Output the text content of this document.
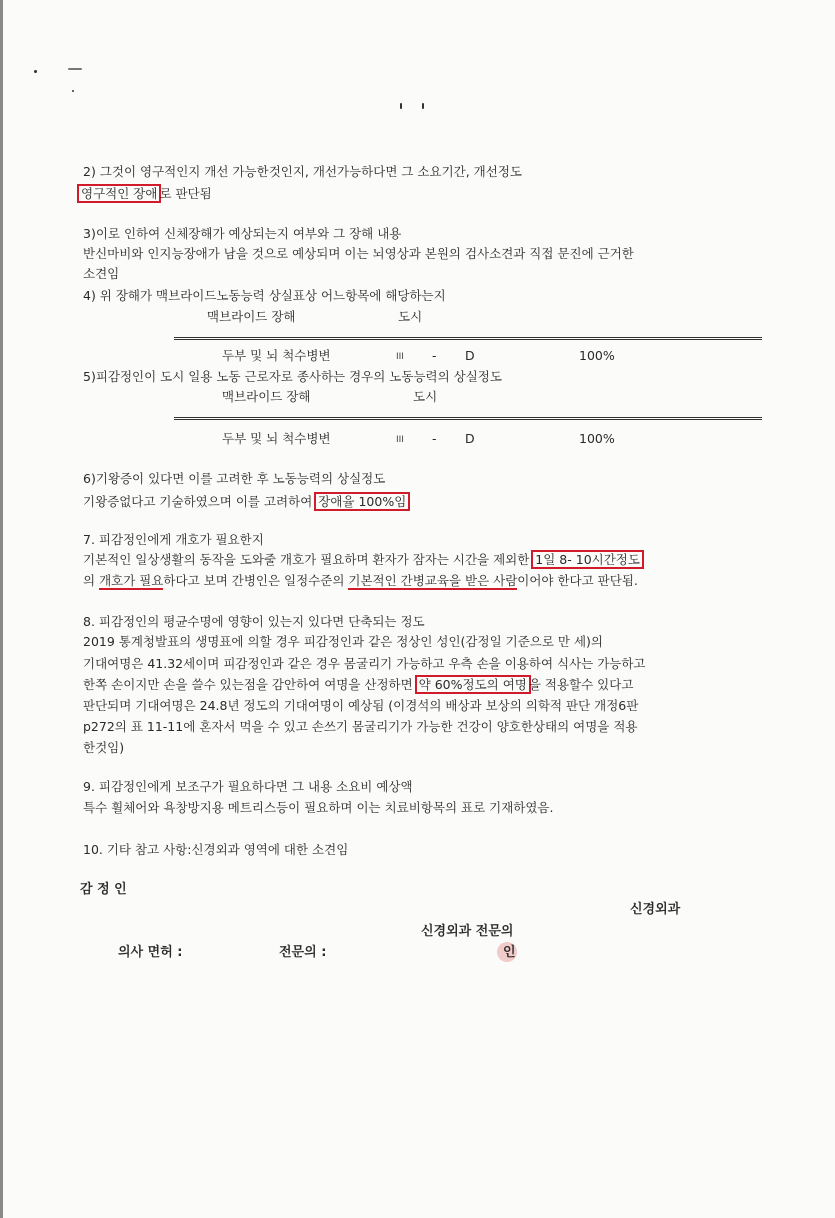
2) 그것이 영구적인지 개선 가능한것인지, 개선가능하다면 그 소요기간, 개선정도
영구적인 장애 로 판단됨
3)이로 인하여 신체장해가 예상되는지 여부와 그 장해 내용
반신마비와 인지능장애가 남을 것으로 예상되며 이는 뇌영상과 본원의 검사소견과 직접 문진에 근거한
소견임
4) 위 장해가 맥브라이드노동능력 상실표상 어느항목에 해당하는지
맥브라이드 장해	도시
두부 및 뇌 척수병변	III - D	100%
5)피감정인이 도시 일용 노동 근로자로 종사하는 경우의 노동능력의 상실정도
맥브라이드 장해	도시
두부 및 뇌 척수병변	III - D	100%
6)기왕증이 있다면 이를 고려한 후 노동능력의 상실정도
기왕증없다고 기술하였으며 이를 고려하여 장애율 100%임
7. 피감정인에게 개호가 필요한지
기본적인 일상생활의 동작을 도와줄 개호가 필요하며 환자가 잠자는 시간을 제외한 1일 8- 10시간정도
의 개호가 필요하다고 보며 간병인은 일정수준의 기본적인 간병교육을 받은 사람이어야 한다고 판단됨.
8. 피감정인의 평균수명에 영향이 있는지 있다면 단축되는 정도
2019 통계청발표의 생명표에 의할 경우 피감정인과 같은 정상인 성인(감정일 기준으로 만 세)의
기대여명은 41.32세이며 피감정인과 같은 경우 몸굴리기 가능하고 우측 손을 이용하여 식사는 가능하고
한쪽 손이지만 손을 쓸수 있는점을 감안하여 여명을 산정하면 약 60%정도의 여명 을 적용할수 있다고
판단되며 기대여명은 24.8년 정도의 기대여명이 예상됨 (이경석의 배상과 보상의 의학적 판단 개정6판
p272의 표 11-11에 혼자서 먹을 수 있고 손쓰기 몸굴리기가 가능한 건강이 양호한상태의 여명을 적용
한것임)
9. 피감정인에게 보조구가 필요하다면 그 내용 소요비 예상액
특수 휠체어와 욕창방지용 메트리스등이 필요하며 이는 치료비항목의 표로 기재하였음.
10. 기타 참고 사항:신경외과 영역에 대한 소견임
감 정 인
신경외과
신경외과 전문의
의사 면허 :	전문의 :	인
